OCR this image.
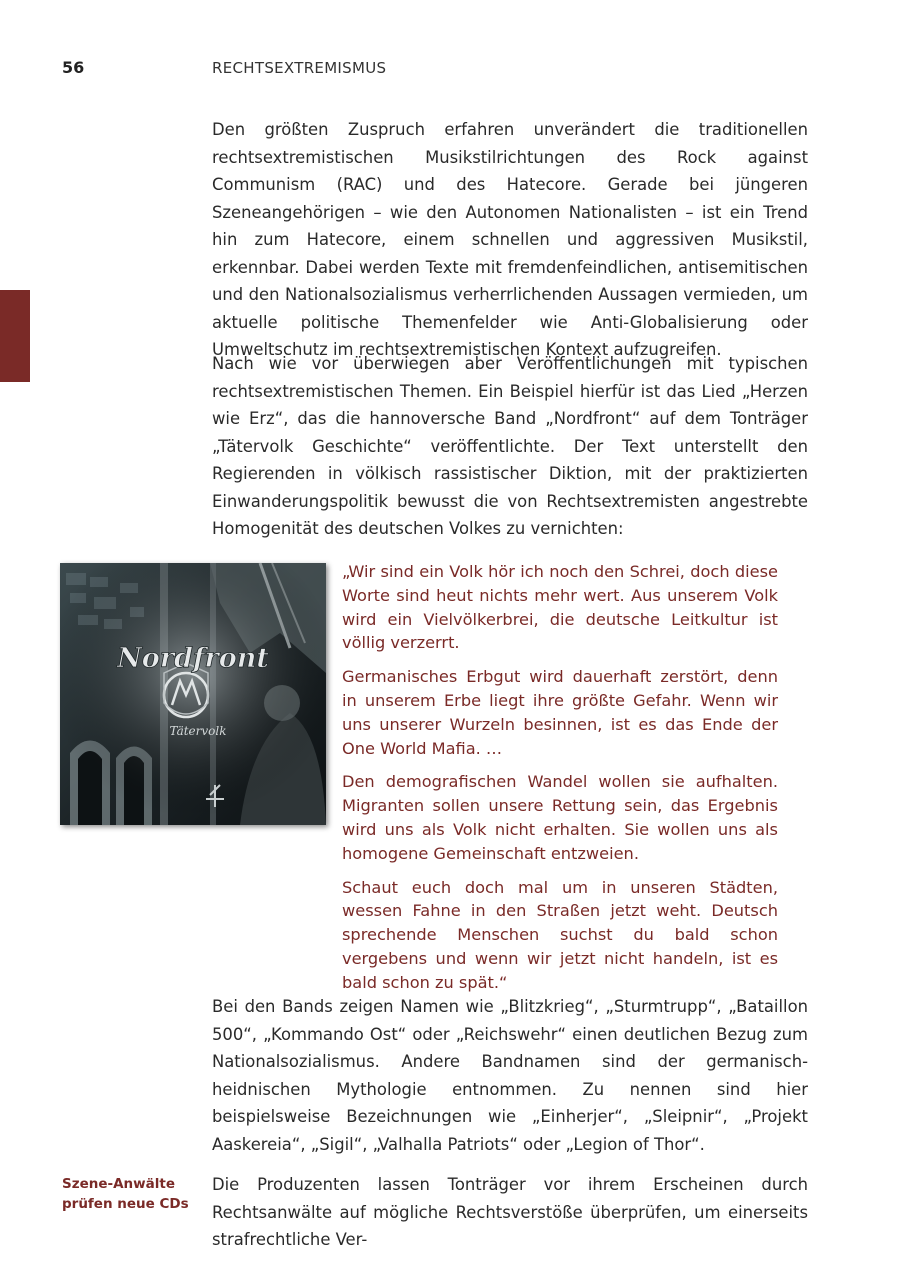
56	RECHTSEXTREMISMUS

Den größten Zuspruch erfahren unverändert die traditionellen rechtsextremistischen Musikstilrichtungen des Rock against Communism (RAC) und des Hatecore. Gerade bei jüngeren Szeneangehörigen – wie den Autonomen Nationalisten – ist ein Trend hin zum Hatecore, einem schnellen und aggressiven Musikstil, erkennbar. Dabei werden Texte mit fremdenfeindlichen, antisemitischen und den Nationalsozialismus verherrlichenden Aussagen vermieden, um aktuelle politische Themenfelder wie Anti-Globalisierung oder Umweltschutz im rechtsextremistischen Kontext aufzugreifen.

Nach wie vor überwiegen aber Veröffentlichungen mit typischen rechtsextremistischen Themen. Ein Beispiel hierfür ist das Lied „Herzen wie Erz“, das die hannoversche Band „Nordfront“ auf dem Tonträger „Tätervolk Geschichte“ veröffentlichte. Der Text unterstellt den Regierenden in völkisch rassistischer Diktion, mit der praktizierten Einwanderungspolitik bewusst die von Rechtsextremisten angestrebte Homogenität des deutschen Volkes zu vernichten:

Nordfront
Tätervolk

„Wir sind ein Volk hör ich noch den Schrei, doch diese Worte sind heut nichts mehr wert. Aus unserem Volk wird ein Vielvölkerbrei, die deutsche Leitkultur ist völlig verzerrt.

Germanisches Erbgut wird dauerhaft zerstört, denn in unserem Erbe liegt ihre größte Gefahr. Wenn wir uns unserer Wurzeln besinnen, ist es das Ende der One World Mafia. …

Den demografischen Wandel wollen sie aufhalten. Migranten sollen unsere Rettung sein, das Ergebnis wird uns als Volk nicht erhalten. Sie wollen uns als homogene Gemeinschaft entzweien.

Schaut euch doch mal um in unseren Städten, wessen Fahne in den Straßen jetzt weht. Deutsch sprechende Menschen suchst du bald schon vergebens und wenn wir jetzt nicht handeln, ist es bald schon zu spät.“

Bei den Bands zeigen Namen wie „Blitzkrieg“, „Sturmtrupp“, „Bataillon 500“, „Kommando Ost“ oder „Reichswehr“ einen deutlichen Bezug zum Nationalsozialismus. Andere Bandnamen sind der germanisch-heidnischen Mythologie entnommen. Zu nennen sind hier beispielsweise Bezeichnungen wie „Einherjer“, „Sleipnir“, „Projekt Aaskereia“, „Sigil“, „Valhalla Patriots“ oder „Legion of Thor“.

Szene-Anwälte
prüfen neue CDs

Die Produzenten lassen Tonträger vor ihrem Erscheinen durch Rechtsanwälte auf mögliche Rechtsverstöße überprüfen, um einerseits strafrechtliche Ver-
